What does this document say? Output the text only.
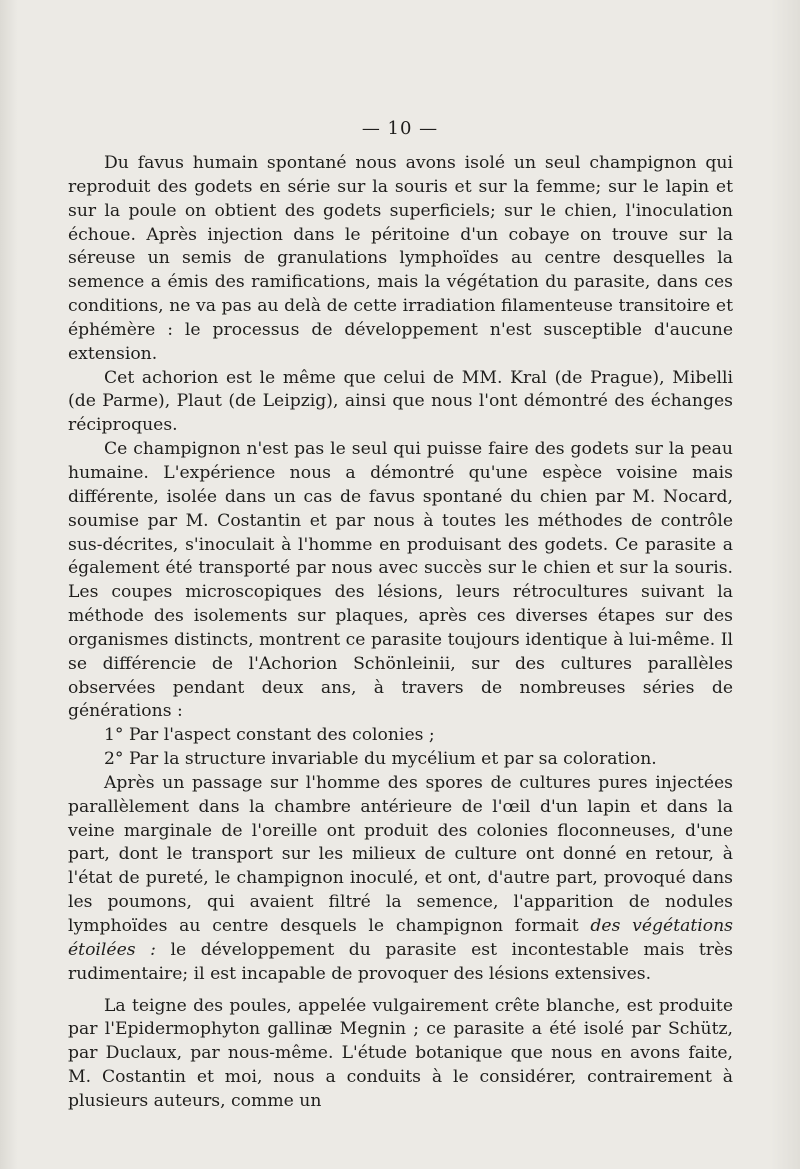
— 10 —

Du favus humain spontané nous avons isolé un seul champignon qui reproduit des godets en série sur la souris et sur la femme; sur le lapin et sur la poule on obtient des godets superficiels; sur le chien, l'inoculation échoue. Après injection dans le péritoine d'un cobaye on trouve sur la séreuse un semis de granulations lymphoïdes au centre desquelles la semence a émis des ramifications, mais la végétation du parasite, dans ces conditions, ne va pas au delà de cette irradiation filamenteuse transitoire et éphémère : le processus de développement n'est susceptible d'aucune extension.

Cet achorion est le même que celui de MM. Kral (de Prague), Mibelli (de Parme), Plaut (de Leipzig), ainsi que nous l'ont démontré des échanges réciproques.

Ce champignon n'est pas le seul qui puisse faire des godets sur la peau humaine. L'expérience nous a démontré qu'une espèce voisine mais différente, isolée dans un cas de favus spontané du chien par M. Nocard, soumise par M. Costantin et par nous à toutes les méthodes de contrôle sus-décrites, s'inoculait à l'homme en produisant des godets. Ce parasite a également été transporté par nous avec succès sur le chien et sur la souris. Les coupes microscopiques des lésions, leurs rétrocultures suivant la méthode des isolements sur plaques, après ces diverses étapes sur des organismes distincts, montrent ce parasite toujours identique à lui-même. Il se différencie de l'Achorion Schönleinii, sur des cultures parallèles observées pendant deux ans, à travers de nombreuses séries de générations :

1° Par l'aspect constant des colonies ;

2° Par la structure invariable du mycélium et par sa coloration.

Après un passage sur l'homme des spores de cultures pures injectées parallèlement dans la chambre antérieure de l'œil d'un lapin et dans la veine marginale de l'oreille ont produit des colonies floconneuses, d'une part, dont le transport sur les milieux de culture ont donné en retour, à l'état de pureté, le champignon inoculé, et ont, d'autre part, provoqué dans les poumons, qui avaient filtré la semence, l'apparition de nodules lymphoïdes au centre desquels le champignon formait des végétations étoilées : le développement du parasite est incontestable mais très rudimentaire; il est incapable de provoquer des lésions extensives.

La teigne des poules, appelée vulgairement crête blanche, est produite par l'Epidermophyton gallinæ Megnin ; ce parasite a été isolé par Schütz, par Duclaux, par nous-même. L'étude botanique que nous en avons faite, M. Costantin et moi, nous a conduits à le considérer, contrairement à plusieurs auteurs, comme un
